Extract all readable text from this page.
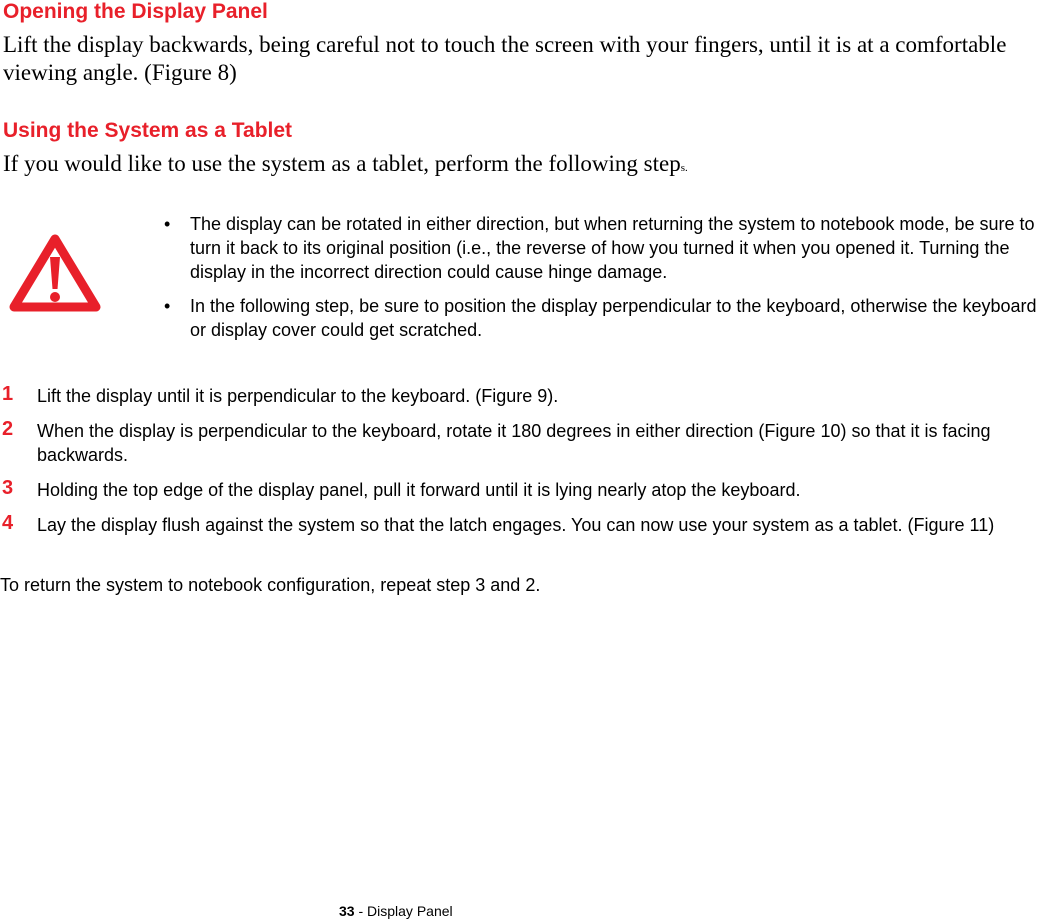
Opening the Display Panel

Lift the display backwards, being careful not to touch the screen with your fingers, until it is at a comfortable viewing angle. (Figure 8)

Using the System as a Tablet

If you would like to use the system as a tablet, perform the following steps.

• The display can be rotated in either direction, but when returning the system to notebook mode, be sure to turn it back to its original position (i.e., the reverse of how you turned it when you opened it. Turning the display in the incorrect direction could cause hinge damage.
• In the following step, be sure to position the display perpendicular to the keyboard, otherwise the keyboard or display cover could get scratched.
1 Lift the display until it is perpendicular to the keyboard. (Figure 9).
2 When the display is perpendicular to the keyboard, rotate it 180 degrees in either direction (Figure 10) so that it is facing backwards.
3 Holding the top edge of the display panel, pull it forward until it is lying nearly atop the keyboard.
4 Lay the display flush against the system so that the latch engages. You can now use your system as a tablet. (Figure 11)

To return the system to notebook configuration, repeat step 3 and 2.

33 - Display Panel
